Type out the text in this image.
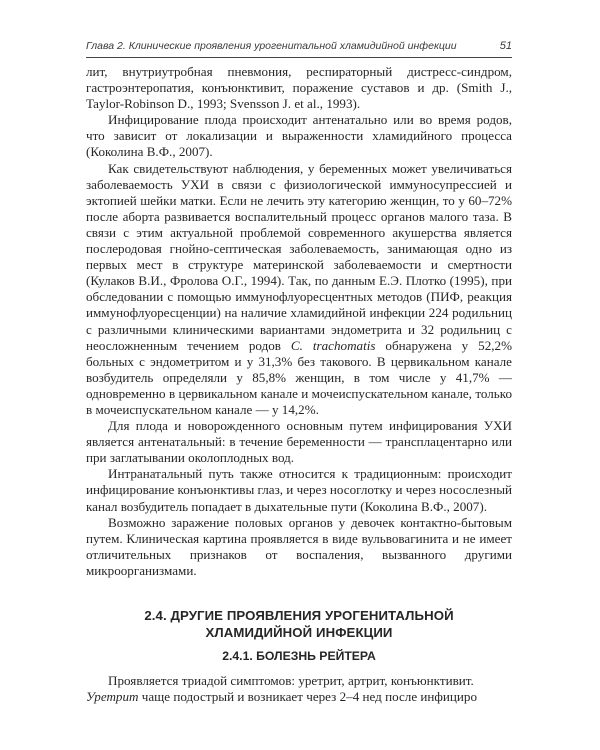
Глава 2. Клинические проявления урогенитальной хламидийной инфекции	51

лит, внутриутробная пневмония, респираторный дистресс-синдром, гастроэнтеропатия, конъюнктивит, поражение суставов и др. (Smith J., Taylor-Robinson D., 1993; Svensson J. et al., 1993).

Инфицирование плода происходит антенатально или во время родов, что зависит от локализации и выраженности хламидийного процесса (Коколина В.Ф., 2007).

Как свидетельствуют наблюдения, у беременных может увеличиваться заболеваемость УХИ в связи с физиологической иммуносупрессией и эктопией шейки матки. Если не лечить эту категорию женщин, то у 60–72% после аборта развивается воспалительный процесс органов малого таза. В связи с этим актуальной проблемой современного акушерства является послеродовая гнойно-септическая заболеваемость, занимающая одно из первых мест в структуре материнской заболеваемости и смертности (Кулаков В.И., Фролова О.Г., 1994). Так, по данным Е.Э. Плотко (1995), при обследовании с помощью иммунофлуоресцентных методов (ПИФ, реакция иммунофлуоресценции) на наличие хламидийной инфекции 224 родильниц с различными клиническими вариантами эндометрита и 32 родильниц с неосложненным течением родов C. trachomatis обнаружена у 52,2% больных с эндометритом и у 31,3% без такового. В цервикальном канале возбудитель определяли у 85,8% женщин, в том числе у 41,7% — одновременно в цервикальном канале и мочеиспускательном канале, только в мочеиспускательном канале — у 14,2%.

Для плода и новорожденного основным путем инфицирования УХИ является антенатальный: в течение беременности — трансплацентарно или при заглатывании околоплодных вод.

Интранатальный путь также относится к традиционным: происходит инфицирование конъюнктивы глаз, и через носоглотку и через носослезный канал возбудитель попадает в дыхательные пути (Коколина В.Ф., 2007).

Возможно заражение половых органов у девочек контактно-бытовым путем. Клиническая картина проявляется в виде вульвовагинита и не имеет отличительных признаков от воспаления, вызванного другими микроорганизмами.

2.4. ДРУГИЕ ПРОЯВЛЕНИЯ УРОГЕНИТАЛЬНОЙ
ХЛАМИДИЙНОЙ ИНФЕКЦИИ
2.4.1. БОЛЕЗНЬ РЕЙТЕРА

Проявляется триадой симптомов: уретрит, артрит, конъюнктивит.

Уретрит чаще подострый и возникает через 2–4 нед после инфициро
